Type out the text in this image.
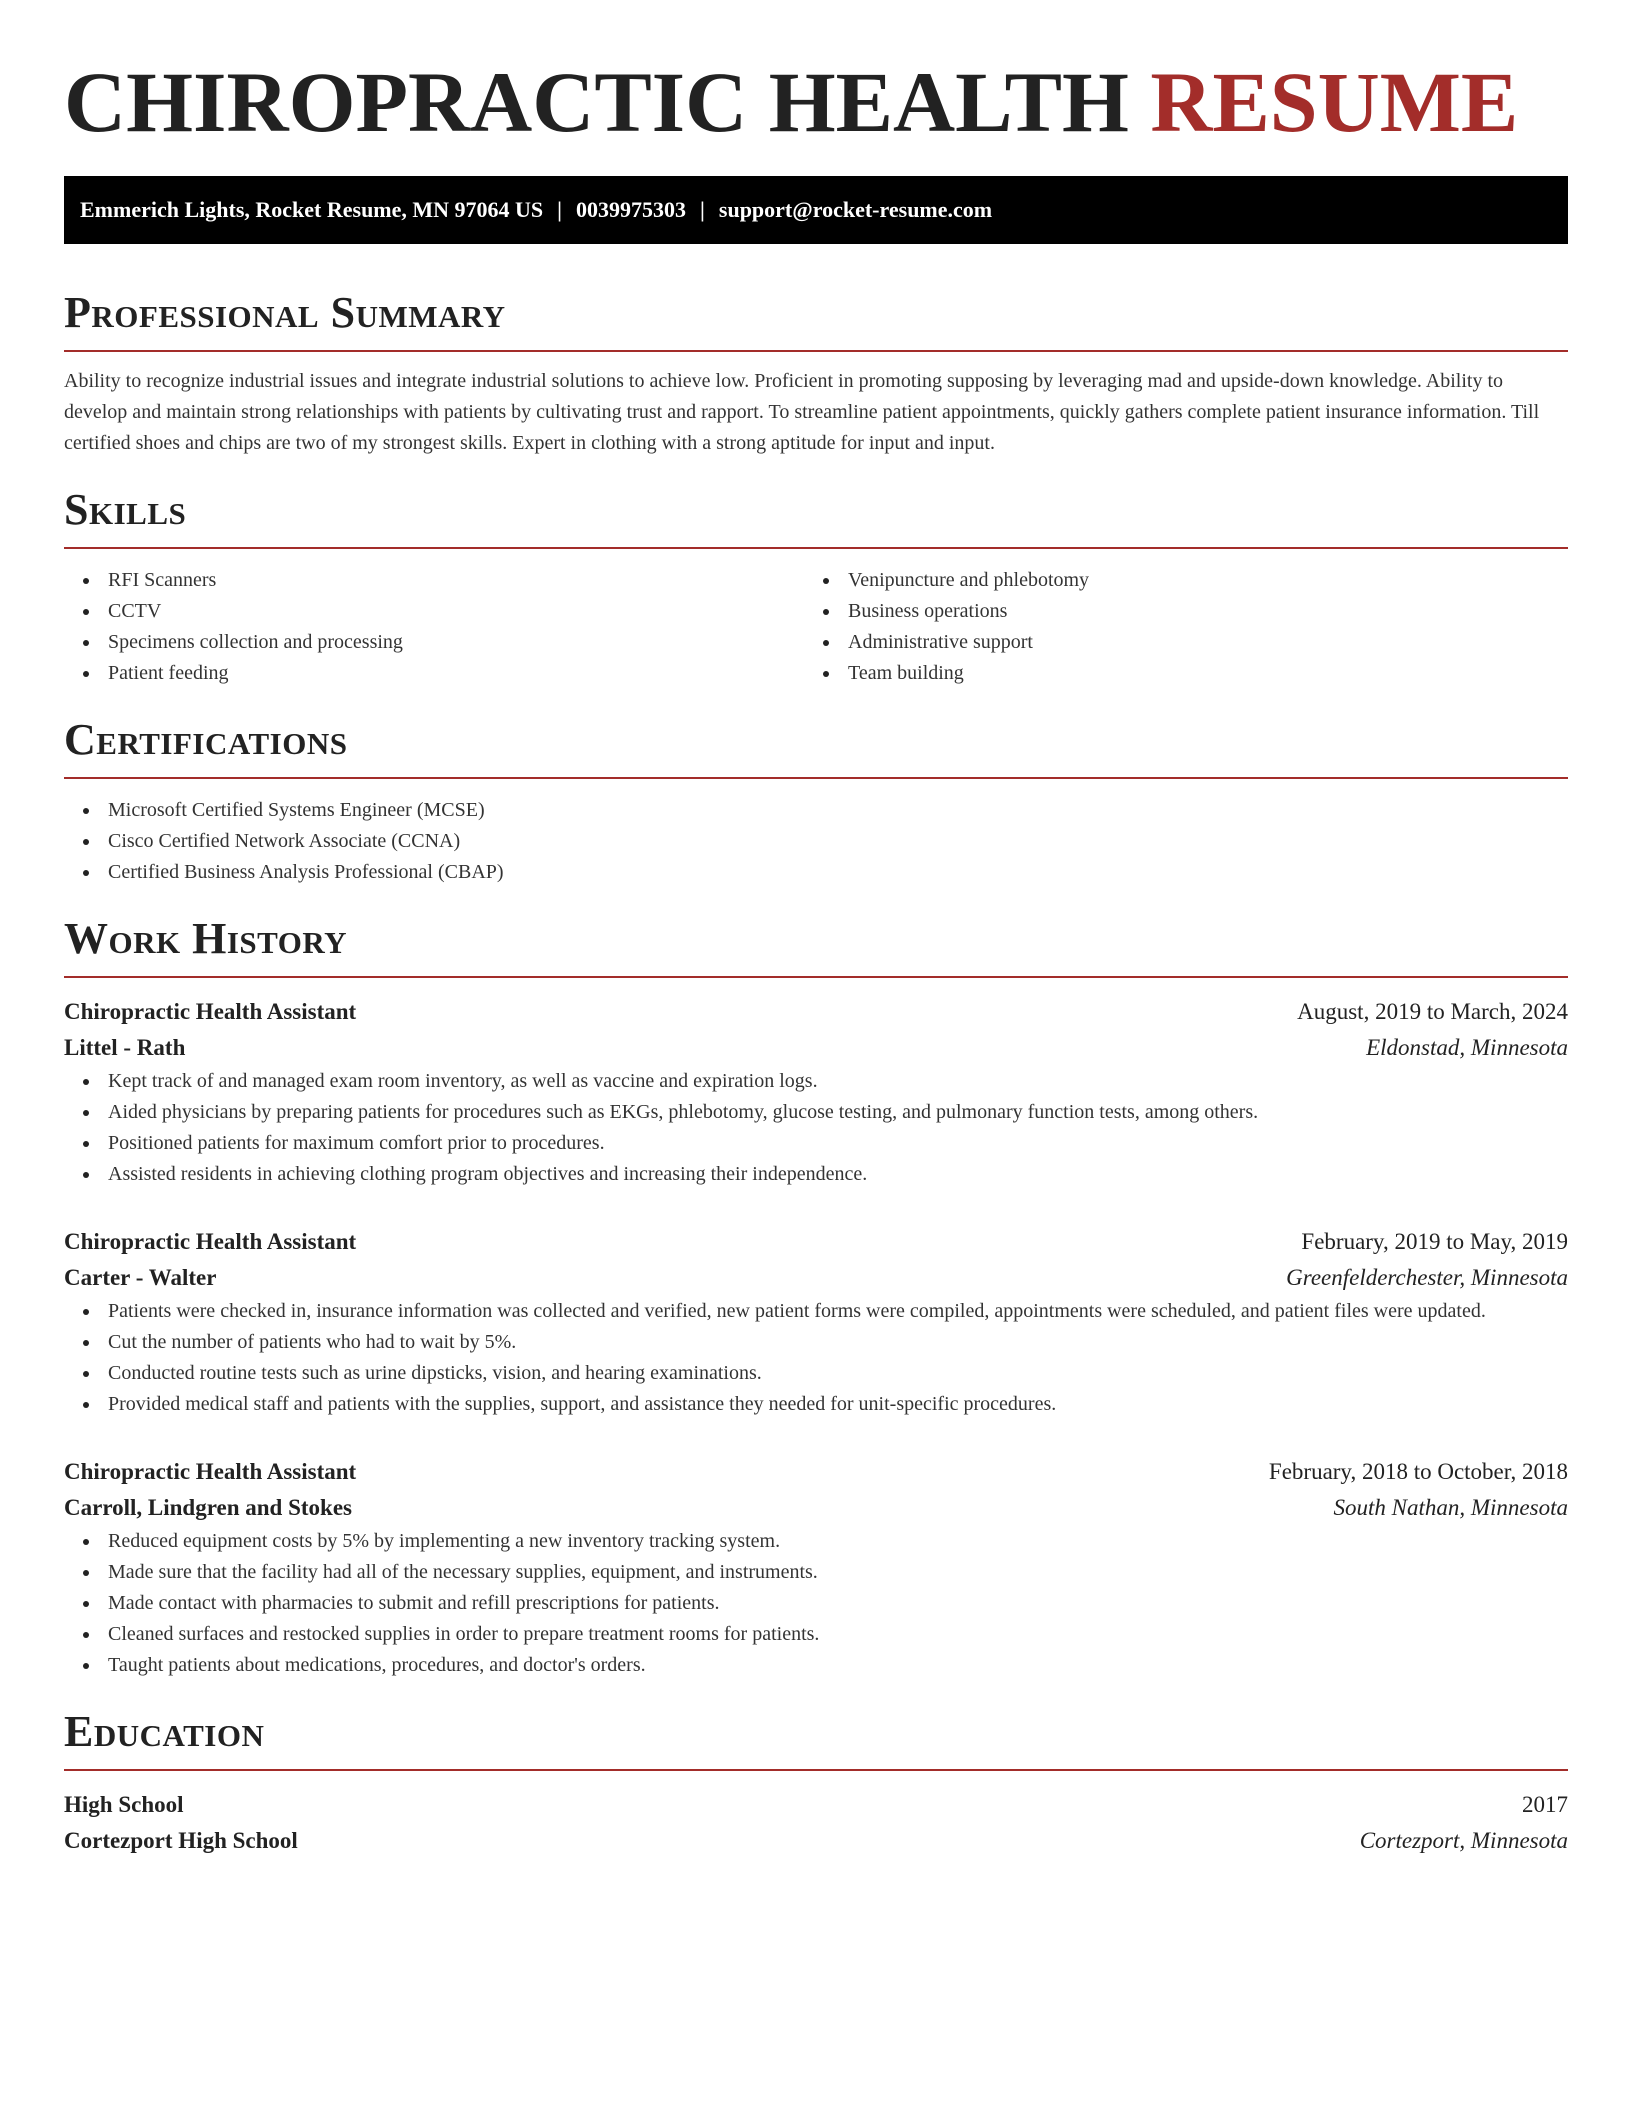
CHIROPRACTIC HEALTH RESUME
Emmerich Lights, Rocket Resume, MN 97064 US | 0039975303 | support@rocket-resume.com
Professional Summary

Ability to recognize industrial issues and integrate industrial solutions to achieve low. Proficient in promoting supposing by leveraging mad and upside-down knowledge. Ability to develop and maintain strong relationships with patients by cultivating trust and rapport. To streamline patient appointments, quickly gathers complete patient insurance information. Till certified shoes and chips are two of my strongest skills. Expert in clothing with a strong aptitude for input and input.

Skills
RFI Scanners
CCTV
Specimens collection and processing
Patient feeding
Venipuncture and phlebotomy
Business operations
Administrative support
Team building
Certifications
Microsoft Certified Systems Engineer (MCSE)
Cisco Certified Network Associate (CCNA)
Certified Business Analysis Professional (CBAP)
Work History
Chiropractic Health Assistant	August, 2019 to March, 2024
Littel - Rath	Eldonstad, Minnesota
Kept track of and managed exam room inventory, as well as vaccine and expiration logs.
Aided physicians by preparing patients for procedures such as EKGs, phlebotomy, glucose testing, and pulmonary function tests, among others.
Positioned patients for maximum comfort prior to procedures.
Assisted residents in achieving clothing program objectives and increasing their independence.
Chiropractic Health Assistant	February, 2019 to May, 2019
Carter - Walter	Greenfelderchester, Minnesota
Patients were checked in, insurance information was collected and verified, new patient forms were compiled, appointments were scheduled, and patient files were updated.
Cut the number of patients who had to wait by 5%.
Conducted routine tests such as urine dipsticks, vision, and hearing examinations.
Provided medical staff and patients with the supplies, support, and assistance they needed for unit-specific procedures.
Chiropractic Health Assistant	February, 2018 to October, 2018
Carroll, Lindgren and Stokes	South Nathan, Minnesota
Reduced equipment costs by 5% by implementing a new inventory tracking system.
Made sure that the facility had all of the necessary supplies, equipment, and instruments.
Made contact with pharmacies to submit and refill prescriptions for patients.
Cleaned surfaces and restocked supplies in order to prepare treatment rooms for patients.
Taught patients about medications, procedures, and doctor's orders.
Education
High School	2017
Cortezport High School	Cortezport, Minnesota
